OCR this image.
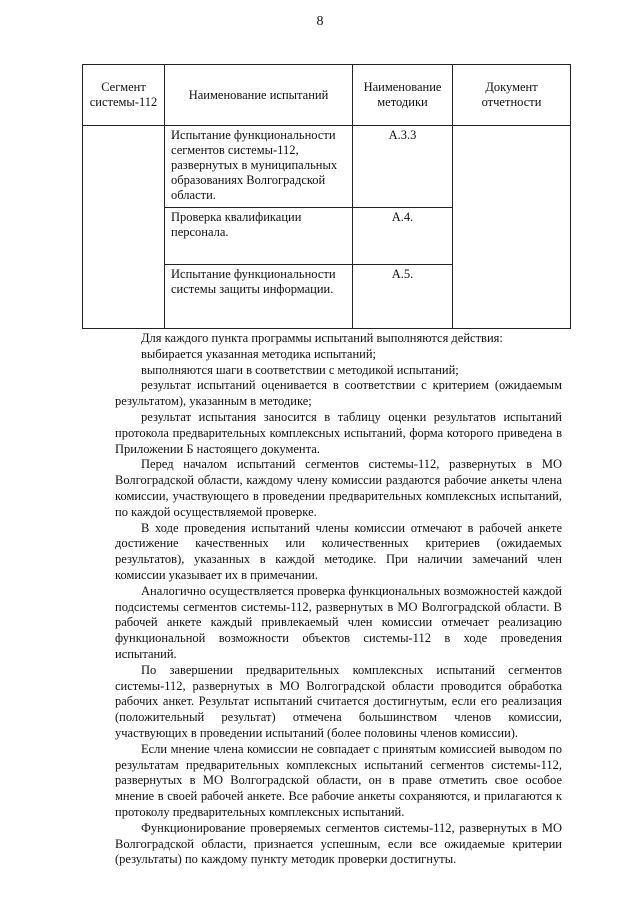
8
Сегмент системы-112	Наименование испытаний	Наименование методики	Документ отчетности
	Испытание функциональности сегментов системы-112, развернутых в муниципальных образованиях Волгоградской области.	А.3.3	
	Проверка квалификации персонала.	А.4.	
	Испытание функциональности системы защиты информации.	А.5.	

Для каждого пункта программы испытаний выполняются действия:

выбирается указанная методика испытаний;

выполняются шаги в соответствии с методикой испытаний;

результат испытаний оценивается в соответствии с критерием (ожидаемым результатом), указанным в методике;

результат испытания заносится в таблицу оценки результатов испытаний протокола предварительных комплексных испытаний, форма которого приведена в Приложении Б настоящего документа.

Перед началом испытаний сегментов системы-112, развернутых в МО Волгоградской области, каждому члену комиссии раздаются рабочие анкеты члена комиссии, участвующего в проведении предварительных комплексных испытаний, по каждой осуществляемой проверке.

В ходе проведения испытаний члены комиссии отмечают в рабочей анкете достижение качественных или количественных критериев (ожидаемых результатов), указанных в каждой методике. При наличии замечаний член комиссии указывает их в примечании.

Аналогично осуществляется проверка функциональных возможностей каждой подсистемы сегментов системы-112, развернутых в МО Волгоградской области. В рабочей анкете каждый привлекаемый член комиссии отмечает реализацию функциональной возможности объектов системы-112 в ходе проведения испытаний.

По завершении предварительных комплексных испытаний сегментов системы-112, развернутых в МО Волгоградской области проводится обработка рабочих анкет. Результат испытаний считается достигнутым, если его реализация (положительный результат) отмечена большинством членов комиссии, участвующих в проведении испытаний (более половины членов комиссии).

Если мнение члена комиссии не совпадает с принятым комиссией выводом по результатам предварительных комплексных испытаний сегментов системы-112, развернутых в МО Волгоградской области, он в праве отметить свое особое мнение в своей рабочей анкете. Все рабочие анкеты сохраняются, и прилагаются к протоколу предварительных комплексных испытаний.

Функционирование проверяемых сегментов системы-112, развернутых в МО Волгоградской области, признается успешным, если все ожидаемые критерии (результаты) по каждому пункту методик проверки достигнуты.
